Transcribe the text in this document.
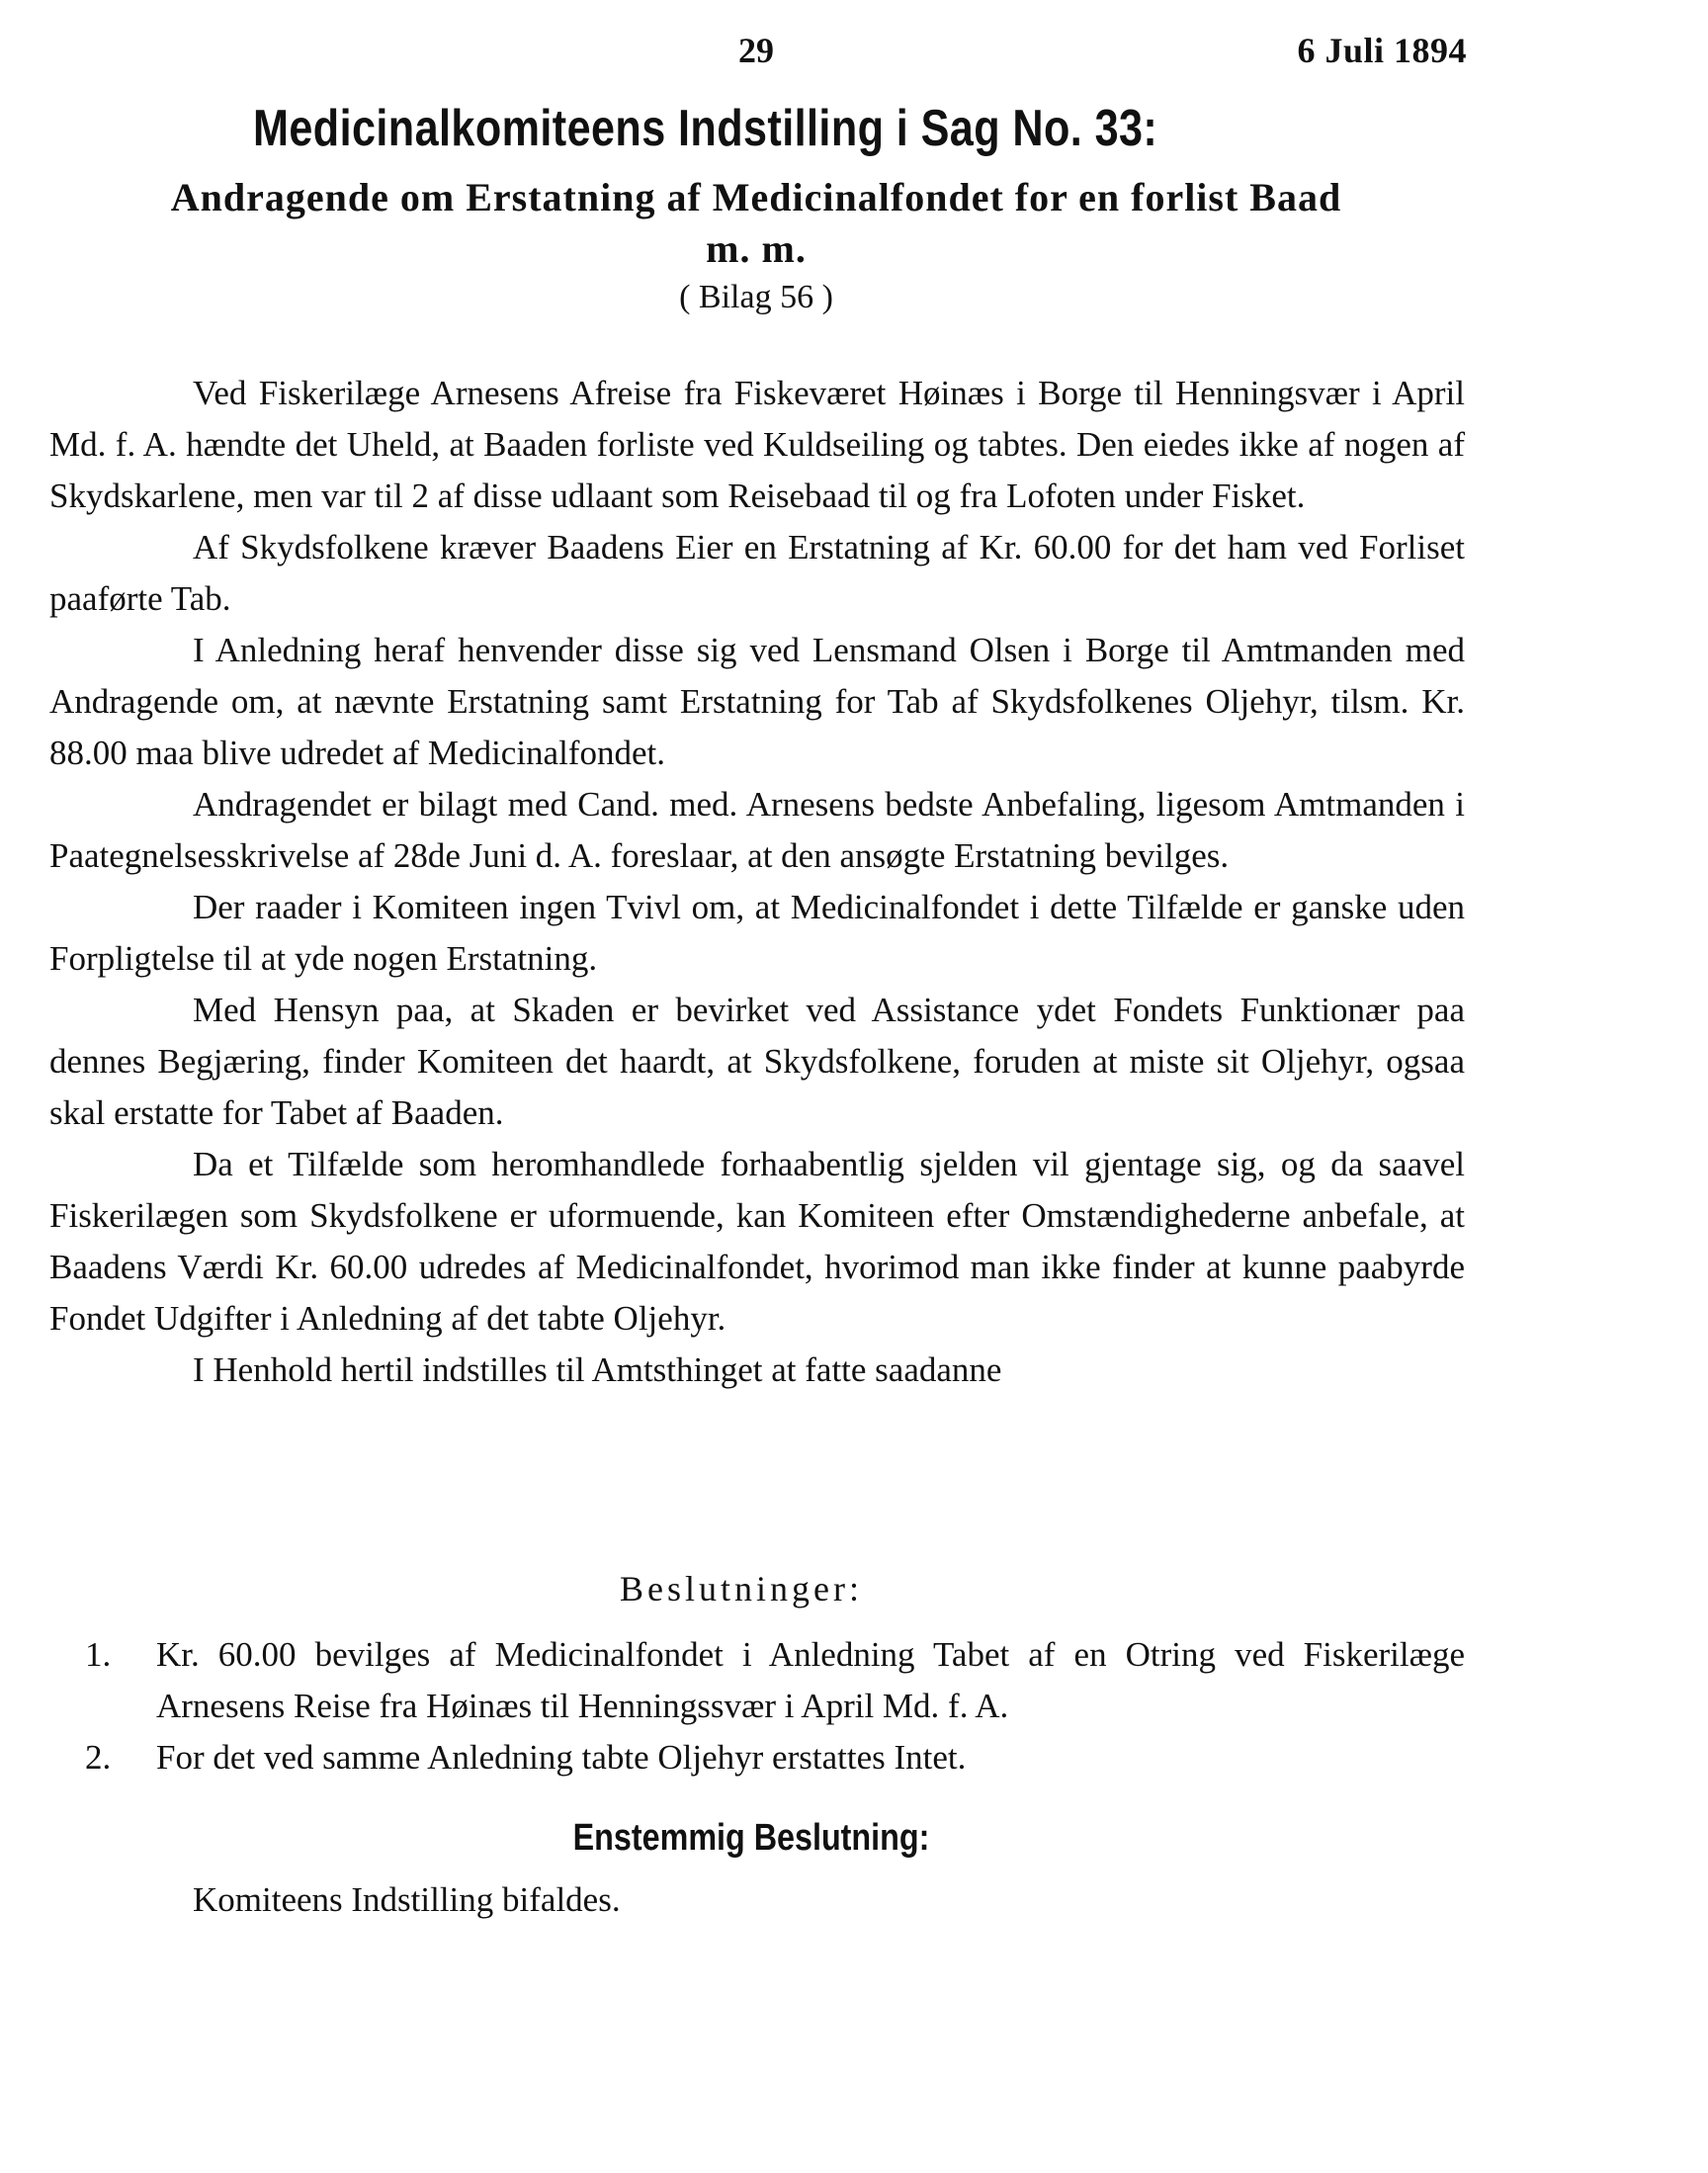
29	6 Juli 1894
Medicinalkomiteens Indstilling i Sag No. 33:
Andragende om Erstatning af Medicinalfondet for en forlist Baad m. m.
( Bilag 56 )

Ved Fiskerilæge Arnesens Afreise fra Fiskeværet Høinæs i Borge til Henningsvær i April Md. f. A. hændte det Uheld, at Baaden forliste ved Kuldseiling og tabtes. Den eiedes ikke af nogen af Skydskarlene, men var til 2 af disse udlaant som Reisebaad til og fra Lofoten under Fisket.

Af Skydsfolkene kræver Baadens Eier en Erstatning af Kr. 60.00 for det ham ved Forliset paaførte Tab.

I Anledning heraf henvender disse sig ved Lensmand Olsen i Borge til Amtmanden med Andragende om, at nævnte Erstatning samt Erstatning for Tab af Skydsfolkenes Oljehyr, tilsm. Kr. 88.00 maa blive udredet af Medicinalfondet.

Andragendet er bilagt med Cand. med. Arnesens bedste Anbefaling, ligesom Amtmanden i Paategnelsesskrivelse af 28de Juni d. A. foreslaar, at den ansøgte Erstatning bevilges.

Der raader i Komiteen ingen Tvivl om, at Medicinalfondet i dette Tilfælde er ganske uden Forpligtelse til at yde nogen Erstatning.

Med Hensyn paa, at Skaden er bevirket ved Assistance ydet Fondets Funktionær paa dennes Begjæring, finder Komiteen det haardt, at Skydsfolkene, foruden at miste sit Oljehyr, ogsaa skal erstatte for Tabet af Baaden.

Da et Tilfælde som heromhandlede forhaabentlig sjelden vil gjentage sig, og da saavel Fiskerilægen som Skydsfolkene er uformuende, kan Komiteen efter Omstændighederne anbefale, at Baadens Værdi Kr. 60.00 udredes af Medicinalfondet, hvorimod man ikke finder at kunne paabyrde Fondet Udgifter i Anledning af det tabte Oljehyr.

I Henhold hertil indstilles til Amtsthinget at fatte saadanne

Beslutninger:
1. Kr. 60.00 bevilges af Medicinalfondet i Anledning Tabet af en Otring ved Fiskerilæge Arnesens Reise fra Høinæs til Henningssvær i April Md. f. A.
2. For det ved samme Anledning tabte Oljehyr erstattes Intet.
Enstemmig Beslutning:
Komiteens Indstilling bifaldes.
